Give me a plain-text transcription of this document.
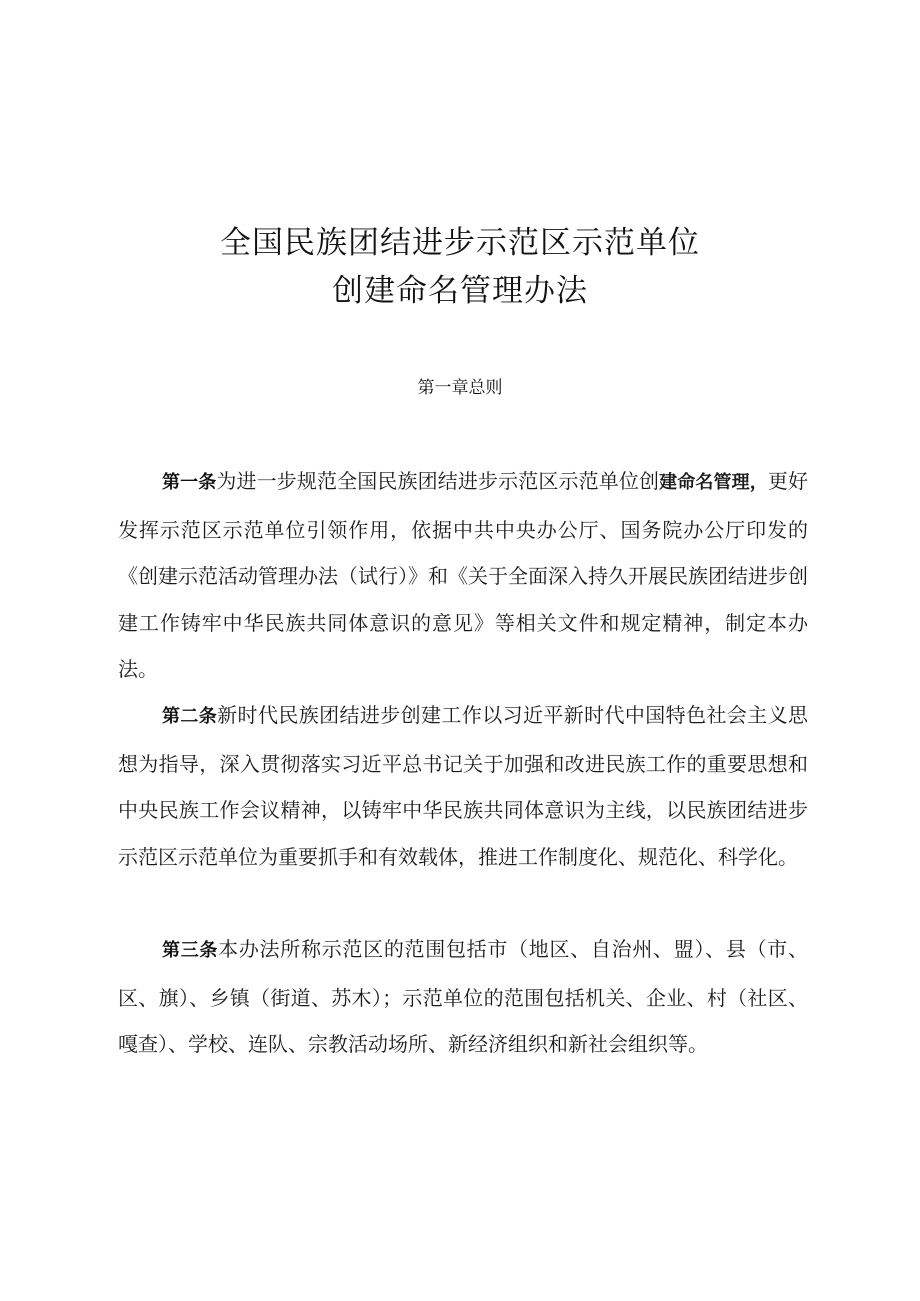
全国民族团结进步示范区示范单位
创建命名管理办法
第一章总则

第一条为进一步规范全国民族团结进步示范区示范单位创建命名管理，更好发挥示范区示范单位引领作用，依据中共中央办公厅、国务院办公厅印发的《创建示范活动管理办法（试行）》和《关于全面深入持久开展民族团结进步创建工作铸牢中华民族共同体意识的意见》等相关文件和规定精神，制定本办法。

第二条新时代民族团结进步创建工作以习近平新时代中国特色社会主义思想为指导，深入贯彻落实习近平总书记关于加强和改进民族工作的重要思想和中央民族工作会议精神，以铸牢中华民族共同体意识为主线，以民族团结进步示范区示范单位为重要抓手和有效载体，推进工作制度化、规范化、科学化。

第三条本办法所称示范区的范围包括市（地区、自治州、盟）、县（市、区、旗）、乡镇（街道、苏木）；示范单位的范围包括机关、企业、村（社区、嘎查）、学校、连队、宗教活动场所、新经济组织和新社会组织等。
